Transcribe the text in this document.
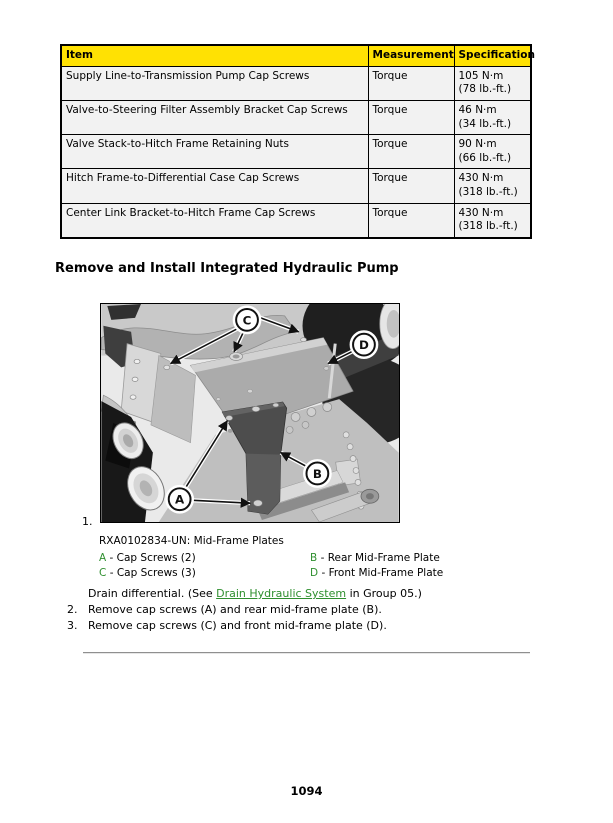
Item	Measurement	Specification
Supply Line-to-Transmission Pump Cap Screws	Torque	105 N·m
(78 lb.-ft.)

Valve-to-Steering Filter Assembly Bracket Cap Screws	Torque	46 N·m
(34 lb.-ft.)

Valve Stack-to-Hitch Frame Retaining Nuts	Torque	90 N·m
(66 lb.-ft.)

Hitch Frame-to-Differential Case Cap Screws	Torque	430 N·m
(318 lb.-ft.)

Center Link Bracket-to-Hitch Frame Cap Screws	Torque	430 N·m
(318 lb.-ft.)
Remove and Install Integrated Hydraulic Pump
1.
C
D
B
A
RXA0102834-UN: Mid-Frame Plates
A - Cap Screws (2)	B - Rear Mid-Frame Plate
C - Cap Screws (3)	D - Front Mid-Frame Plate
Drain differential. (See Drain Hydraulic System in Group 05.)
2. Remove cap screws (A) and rear mid-frame plate (B).
3. Remove cap screws (C) and front mid-frame plate (D).
1094
